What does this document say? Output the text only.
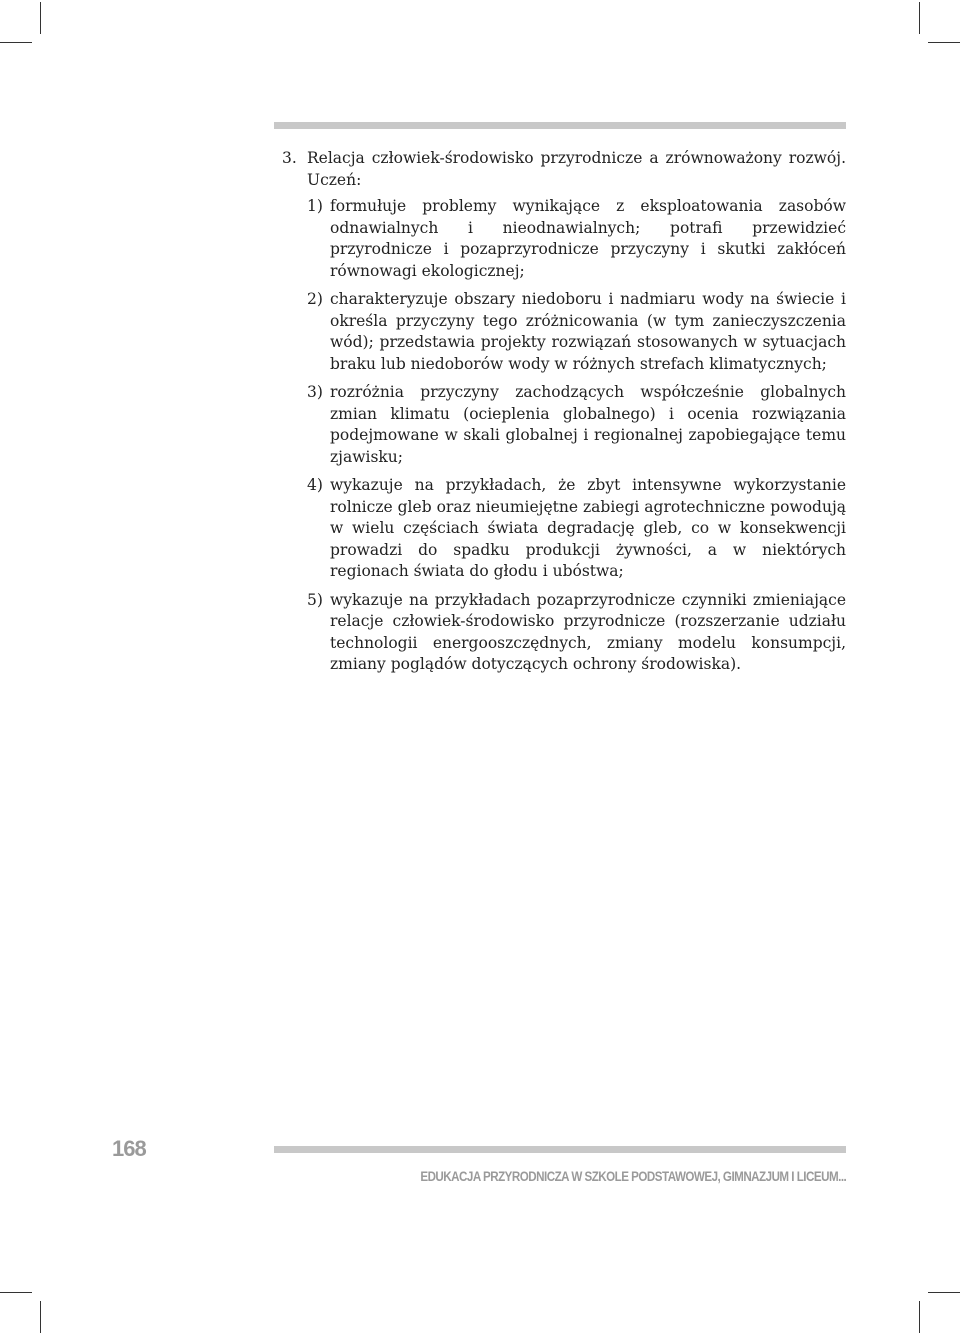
3. Relacja człowiek-środowisko przyrodnicze a zrównoważony rozwój.
Uczeń:
1) formułuje problemy wynikające z eksploatowania zasobów odnawialnych i nieodnawialnych; potrafi przewidzieć przyrodnicze i pozaprzyrodnicze przyczyny i skutki zakłóceń równowagi ekologicznej;
2) charakteryzuje obszary niedoboru i nadmiaru wody na świecie i określa przyczyny tego zróżnicowania (w tym zanieczyszczenia wód); przedstawia projekty rozwiązań stosowanych w sytuacjach braku lub niedoborów wody w różnych strefach klimatycznych;
3) rozróżnia przyczyny zachodzących współcześnie globalnych zmian klimatu (ocieplenia globalnego) i ocenia rozwiązania podejmowane w skali globalnej i regionalnej zapobiegające temu zjawisku;
4) wykazuje na przykładach, że zbyt intensywne wykorzystanie rolnicze gleb oraz nieumiejętne zabiegi agrotechniczne powodują w wielu częściach świata degradację gleb, co w konsekwencji prowadzi do spadku produkcji żywności, a w niektórych regionach świata do głodu i ubóstwa;
5) wykazuje na przykładach pozaprzyrodnicze czynniki zmieniające relacje człowiek-środowisko przyrodnicze (rozszerzanie udziału technologii energooszczędnych, zmiany modelu konsumpcji, zmiany poglądów dotyczących ochrony środowiska).
168
EDUKACJA PRZYRODNICZA W SZKOLE PODSTAWOWEJ, GIMNAZJUM I LICEUM...
